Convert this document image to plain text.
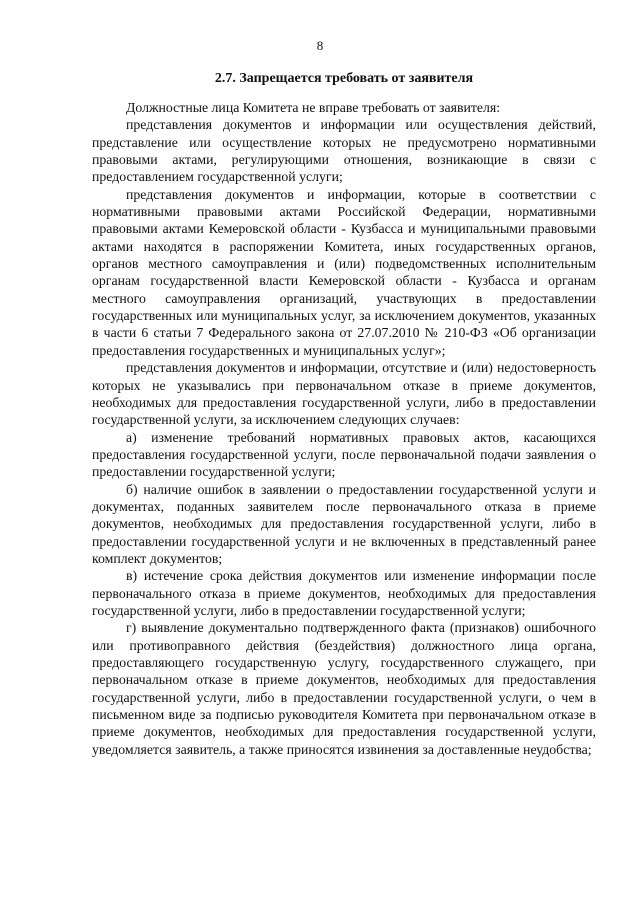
8
2.7. Запрещается требовать от заявителя

Должностные лица Комитета не вправе требовать от заявителя:

представления документов и информации или осуществления действий, представление или осуществление которых не предусмотрено нормативными правовыми актами, регулирующими отношения, возникающие в связи с предоставлением государственной услуги;

представления документов и информации, которые в соответствии с нормативными правовыми актами Российской Федерации, нормативными правовыми актами Кемеровской области - Кузбасса и муниципальными правовыми актами находятся в распоряжении Комитета, иных государственных органов, органов местного самоуправления и (или) подведомственных исполнительным органам государственной власти Кемеровской области - Кузбасса и органам местного самоуправления организаций, участвующих в предоставлении государственных или муниципальных услуг, за исключением документов, указанных в части 6 статьи 7 Федерального закона от 27.07.2010 № 210-ФЗ «Об организации предоставления государственных и муниципальных услуг»;

представления документов и информации, отсутствие и (или) недостоверность которых не указывались при первоначальном отказе в приеме документов, необходимых для предоставления государственной услуги, либо в предоставлении государственной услуги, за исключением следующих случаев:

а) изменение требований нормативных правовых актов, касающихся предоставления государственной услуги, после первоначальной подачи заявления о предоставлении государственной услуги;

б) наличие ошибок в заявлении о предоставлении государственной услуги и документах, поданных заявителем после первоначального отказа в приеме документов, необходимых для предоставления государственной услуги, либо в предоставлении государственной услуги и не включенных в представленный ранее комплект документов;

в) истечение срока действия документов или изменение информации после первоначального отказа в приеме документов, необходимых для предоставления государственной услуги, либо в предоставлении государственной услуги;

г) выявление документально подтвержденного факта (признаков) ошибочного или противоправного действия (бездействия) должностного лица органа, предоставляющего государственную услугу, государственного служащего, при первоначальном отказе в приеме документов, необходимых для предоставления государственной услуги, либо в предоставлении государственной услуги, о чем в письменном виде за подписью руководителя Комитета при первоначальном отказе в приеме документов, необходимых для предоставления государственной услуги, уведомляется заявитель, а также приносятся извинения за доставленные неудобства;
